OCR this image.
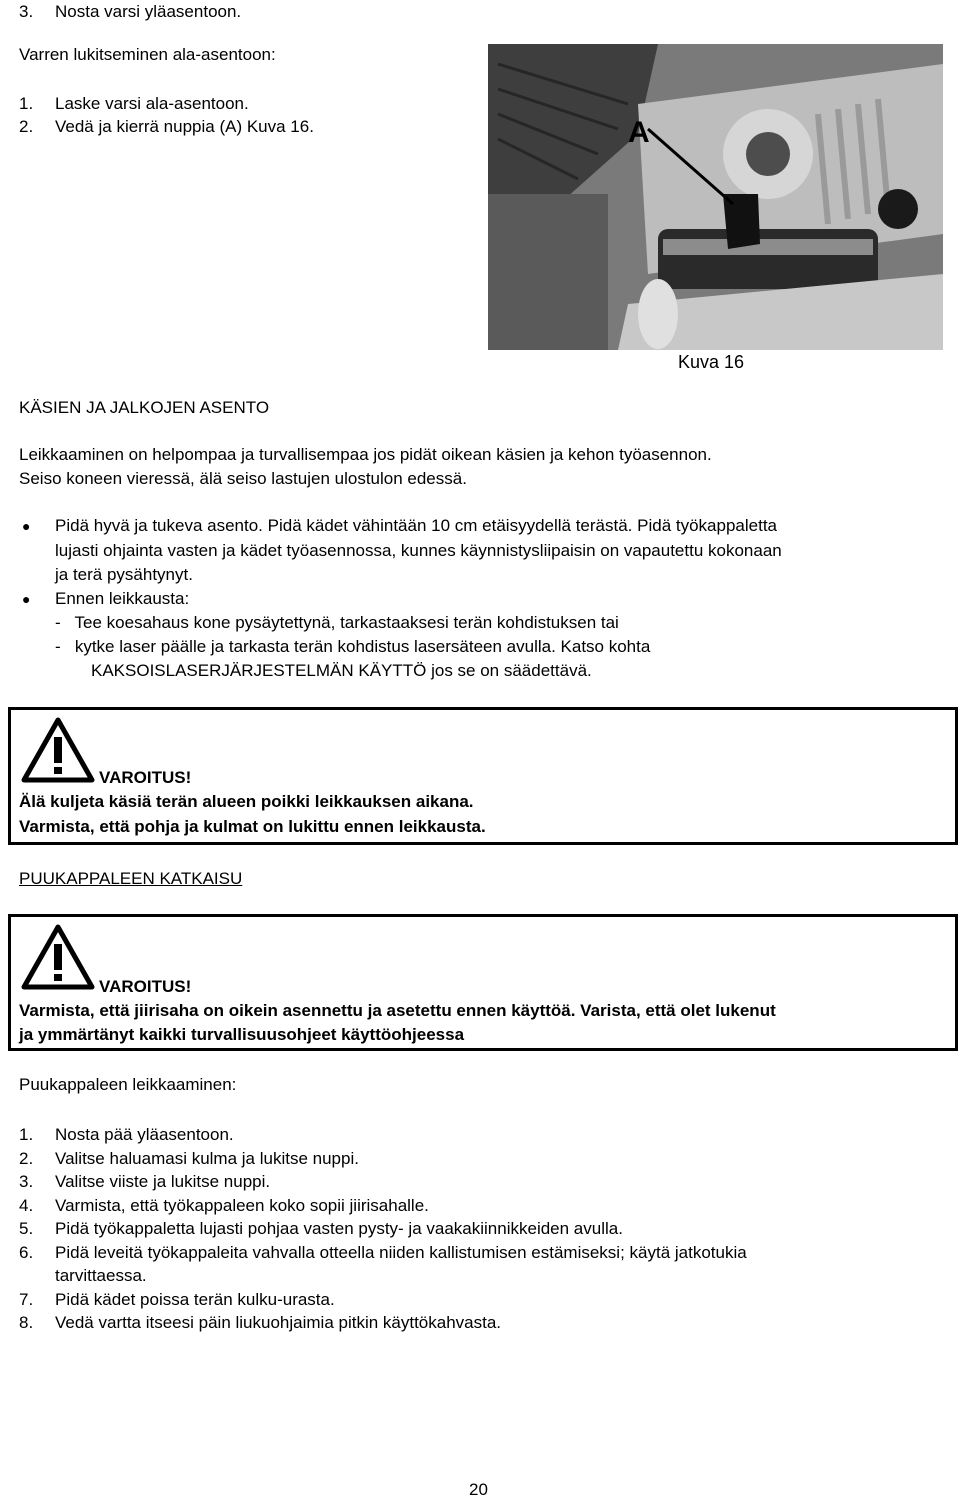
3. Nosta varsi yläasentoon.
Varren lukitseminen ala-asentoon:
1. Laske varsi ala-asentoon.
2. Vedä ja kierrä nuppia (A) Kuva 16.	A
Kuva 16
KÄSIEN JA JALKOJEN ASENTO
Leikkaaminen on helpompaa ja turvallisempaa jos pidät oikean käsien ja kehon työasennon.
Seiso koneen vieressä, älä seiso lastujen ulostulon edessä.
● Pidä hyvä ja tukeva asento. Pidä kädet vähintään 10 cm etäisyydellä terästä. Pidä työkappaletta
lujasti ohjainta vasten ja kädet työasennossa, kunnes käynnistysliipaisin on vapautettu kokonaan
ja terä pysähtynyt.
● Ennen leikkausta:
-   Tee koesahaus kone pysäytettynä, tarkastaaksesi terän kohdistuksen tai
-   kytke laser päälle ja tarkasta terän kohdistus lasersäteen avulla. Katso kohta
KAKSOISLASERJÄRJESTELMÄN KÄYTTÖ jos se on säädettävä.
VAROITUS!
Älä kuljeta käsiä terän alueen poikki leikkauksen aikana.
Varmista, että pohja ja kulmat on lukittu ennen leikkausta.
PUUKAPPALEEN KATKAISU
VAROITUS!
Varmista, että jiirisaha on oikein asennettu ja asetettu ennen käyttöä. Varista, että olet lukenut
ja ymmärtänyt kaikki turvallisuusohjeet käyttöohjeessa
Puukappaleen leikkaaminen:
1. Nosta pää yläasentoon.
2. Valitse haluamasi kulma ja lukitse nuppi.
3. Valitse viiste ja lukitse nuppi.
4. Varmista, että työkappaleen koko sopii jiirisahalle.
5. Pidä työkappaletta lujasti pohjaa vasten pysty- ja vaakakiinnikkeiden avulla.
6. Pidä leveitä työkappaleita vahvalla otteella niiden kallistumisen estämiseksi; käytä jatkotukia
tarvittaessa.
7. Pidä kädet poissa terän kulku-urasta.
8. Vedä vartta itseesi päin liukuohjaimia pitkin käyttökahvasta.
20
